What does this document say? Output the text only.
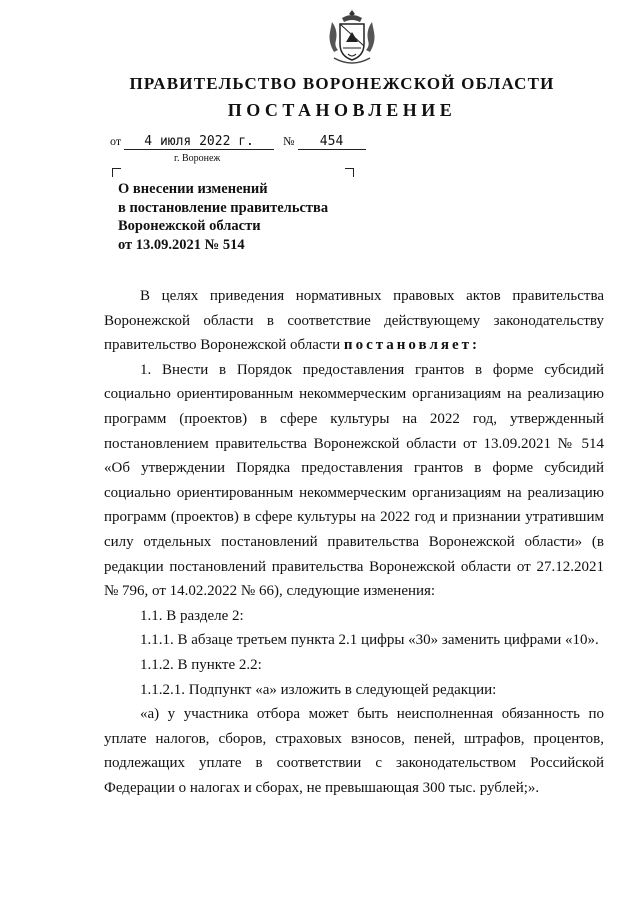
ПРАВИТЕЛЬСТВО ВОРОНЕЖСКОЙ ОБЛАСТИ
ПОСТАНОВЛЕНИЕ
от 4 июля 2022 г. № 454
г. Воронеж
О внесении изменений
в постановление правительства
Воронежской области
от 13.09.2021 № 514

В целях приведения нормативных правовых актов правительства Воронежской области в соответствие действующему законодательству правительство Воронежской области постановляет:

1. Внести в Порядок предоставления грантов в форме субсидий социально ориентированным некоммерческим организациям на реализацию программ (проектов) в сфере культуры на 2022 год, утвержденный постановлением правительства Воронежской области от 13.09.2021 № 514 «Об утверждении Порядка предоставления грантов в форме субсидий социально ориентированным некоммерческим организациям на реализацию программ (проектов) в сфере культуры на 2022 год и признании утратившим силу отдельных постановлений правительства Воронежской области» (в редакции постановлений правительства Воронежской области от 27.12.2021 № 796, от 14.02.2022 № 66), следующие изменения:

1.1. В разделе 2:

1.1.1. В абзаце третьем пункта 2.1 цифры «30» заменить цифрами «10».

1.1.2. В пункте 2.2:

1.1.2.1. Подпункт «а» изложить в следующей редакции:

«а) у участника отбора может быть неисполненная обязанность по уплате налогов, сборов, страховых взносов, пеней, штрафов, процентов, подлежащих уплате в соответствии с законодательством Российской Федерации о налогах и сборах, не превышающая 300 тыс. рублей;».
